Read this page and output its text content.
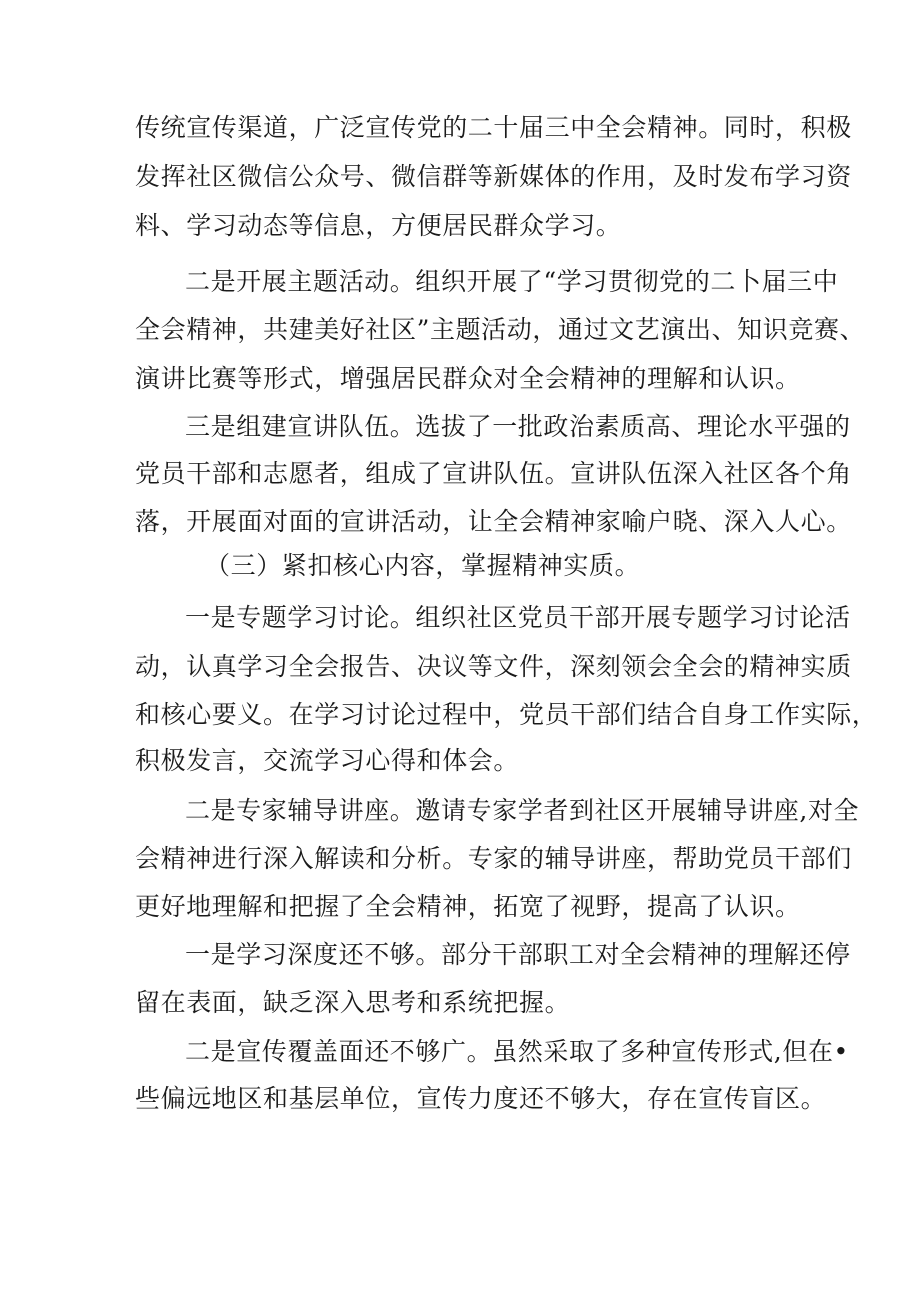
传统宣传渠道，广泛宣传党的二十届三中全会精神。同时，积极
发挥社区微信公众号、微信群等新媒体的作用，及时发布学习资
料、学习动态等信息，方便居民群众学习。
二是开展主题活动。组织开展了“学习贯彻党的二卜届三中
全会精神，共建美好社区”主题活动，通过文艺演出、知识竞赛、
演讲比赛等形式，增强居民群众对全会精神的理解和认识。
三是组建宣讲队伍。选拔了一批政治素质高、理论水平强的
党员干部和志愿者，组成了宣讲队伍。宣讲队伍深入社区各个角
落，开展面对面的宣讲活动，让全会精神家喻户晓、深入人心。
（三）紧扣核心内容，掌握精神实质。
一是专题学习讨论。组织社区党员干部开展专题学习讨论活
动，认真学习全会报告、决议等文件，深刻领会全会的精神实质
和核心要义。在学习讨论过程中，党员干部们结合自身工作实际，
积极发言，交流学习心得和体会。
二是专家辅导讲座。邀请专家学者到社区开展辅导讲座,对全
会精神进行深入解读和分析。专家的辅导讲座，帮助党员干部们
更好地理解和把握了全会精神，拓宽了视野，提高了认识。
一是学习深度还不够。部分干部职工对全会精神的理解还停
留在表面，缺乏深入思考和系统把握。
二是宣传覆盖面还不够广。虽然采取了多种宣传形式,但在•
些偏远地区和基层单位，宣传力度还不够大，存在宣传盲区。
